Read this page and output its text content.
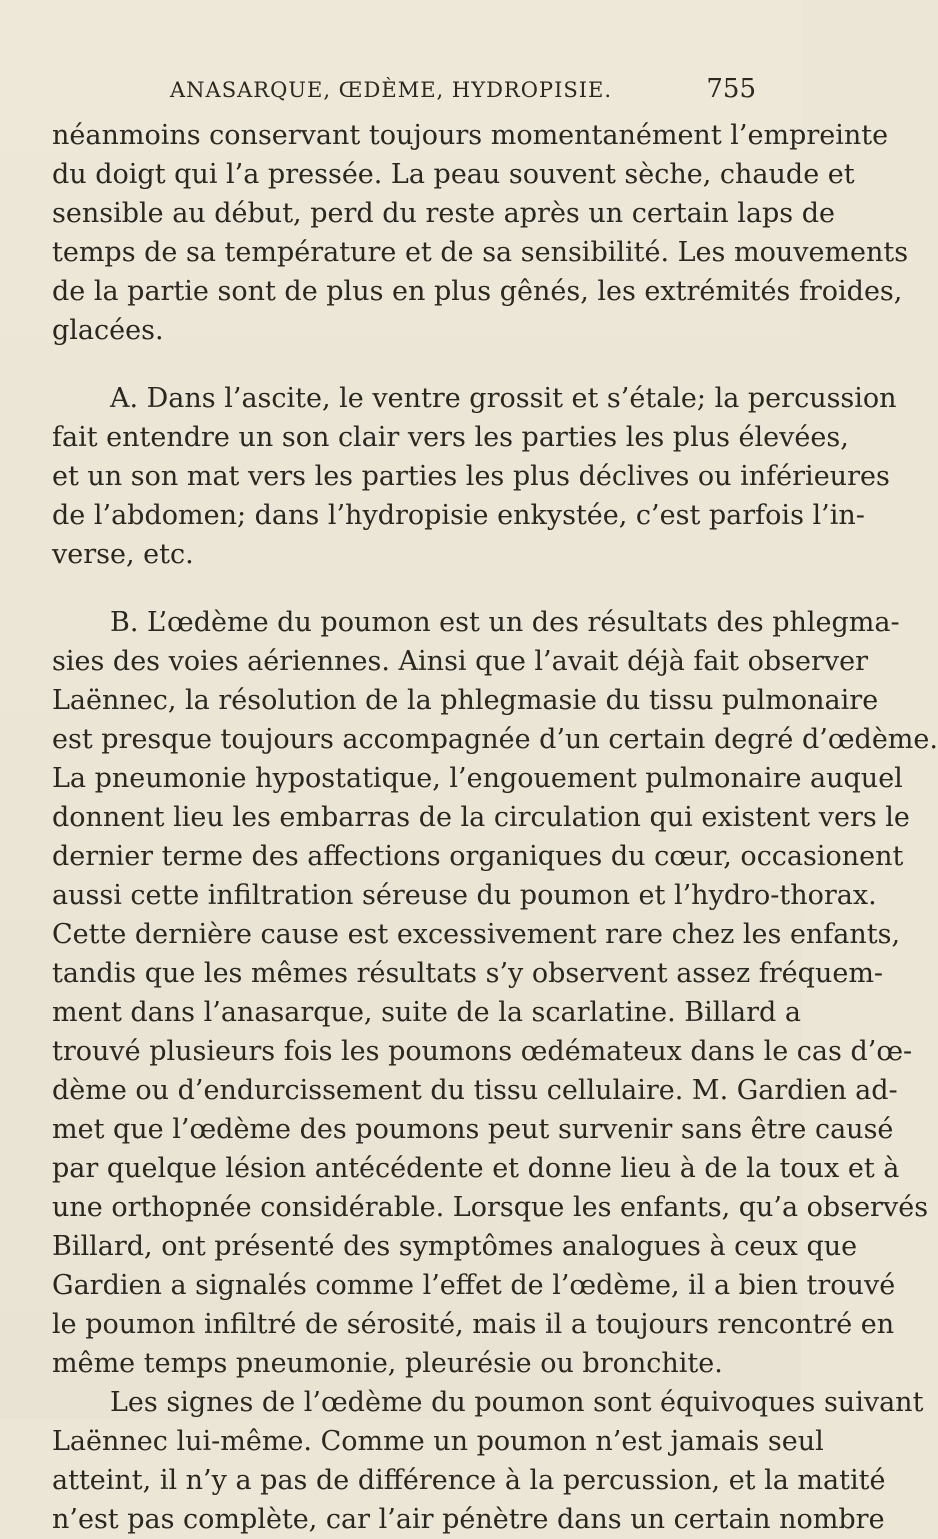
ANASARQUE, ŒDÈME, HYDROPISIE.	755
néanmoins conservant toujours momentanément l’empreinte
du doigt qui l’a pressée. La peau souvent sèche, chaude et
sensible au début, perd du reste après un certain laps de
temps de sa température et de sa sensibilité. Les mouvements
de la partie sont de plus en plus gênés, les extrémités froides,
glacées.
A. Dans l’ascite, le ventre grossit et s’étale; la percussion
fait entendre un son clair vers les parties les plus élevées,
et un son mat vers les parties les plus déclives ou inférieures
de l’abdomen; dans l’hydropisie enkystée, c’est parfois l’in-
verse, etc.
B. L’œdème du poumon est un des résultats des phlegma-
sies des voies aériennes. Ainsi que l’avait déjà fait observer
Laënnec, la résolution de la phlegmasie du tissu pulmonaire
est presque toujours accompagnée d’un certain degré d’œdème.
La pneumonie hypostatique, l’engouement pulmonaire auquel
donnent lieu les embarras de la circulation qui existent vers le
dernier terme des affections organiques du cœur, occasionent
aussi cette infiltration séreuse du poumon et l’hydro-thorax.
Cette dernière cause est excessivement rare chez les enfants,
tandis que les mêmes résultats s’y observent assez fréquem-
ment dans l’anasarque, suite de la scarlatine. Billard a
trouvé plusieurs fois les poumons œdémateux dans le cas d’œ-
dème ou d’endurcissement du tissu cellulaire. M. Gardien ad-
met que l’œdème des poumons peut survenir sans être causé
par quelque lésion antécédente et donne lieu à de la toux et à
une orthopnée considérable. Lorsque les enfants, qu’a observés
Billard, ont présenté des symptômes analogues à ceux que
Gardien a signalés comme l’effet de l’œdème, il a bien trouvé
le poumon infiltré de sérosité, mais il a toujours rencontré en
même temps pneumonie, pleurésie ou bronchite.
Les signes de l’œdème du poumon sont équivoques suivant
Laënnec lui-même. Comme un poumon n’est jamais seul
atteint, il n’y a pas de différence à la percussion, et la matité
n’est pas complète, car l’air pénètre dans un certain nombre
